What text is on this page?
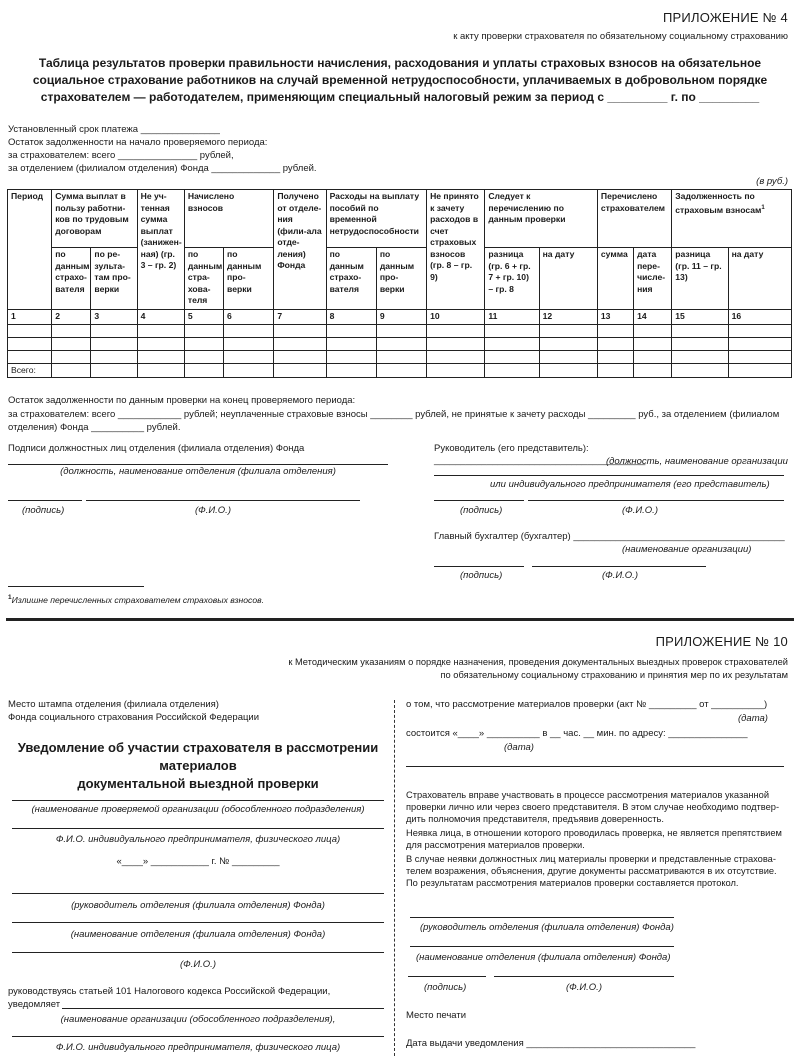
ПРИЛОЖЕНИЕ № 4
к акту проверки страхователя по обязательному социальному страхованию
Таблица результатов проверки правильности начисления, расходования и уплаты страховых взносов на обязательное
социальное страхование работников на случай временной нетрудоспособности, уплачиваемых в добровольном порядке
страхователем — работодателем, применяющим специальный налоговый режим за период с _________ г. по _________
Установленный срок платежа _______________
Остаток задолженности на начало проверяемого периода:
за страхователем: всего _______________ рублей,
за отделением (филиалом отделения) Фонда _____________ рублей.
(в руб.)
Период	Сумма выплат в пользу работни-ков по трудовым договорам		Не уч-тенная сумма выплат (занижен-ная) (гр. 3 – гр. 2)	Начислено взносов		Получено от отделе-ния (фили-ала отде-ления) Фонда	Расходы на выплату пособий по временной нетрудоспособности		Не принято к зачету расходов в счет страховых взносов (гр. 8 – гр. 9)	Следует к перечислению по данным проверки		Перечислено страхователем		Задолженность по страховым взносам$^1$
	по данным страхо-вателя	по ре-зульта-там про-верки		по данным стра-хова-теля	по данным про-верки		по данным страхо-вателя	по данным про-верки		разница (гр. 6 + гр. 7 + гр. 10) – гр. 8	на дату	сумма	дата пере-числе-ния	разница (гр. 11 – гр. 13)	на дату
1	2	3	4	5	6	7	8	9	10	11	12	13	14	15	16

Всего:															
Остаток задолженности по данным проверки на конец проверяемого периода:
за страхователем: всего ____________ рублей; неуплаченные страховые взносы ________ рублей, не принятые к зачету расходы _________ руб., за отделением (филиалом
отделения) Фонда __________ рублей.
Подписи должностных лиц отделения (филиала отделения) Фонда
(должность, наименование отделения (филиала отделения)
(подпись)	(Ф.И.О.)
Руководитель (его представитель): ________________________________________
(должность, наименование организации
или индивидуального предпринимателя (его представитель)
(подпись)	(Ф.И.О.)
Главный бухгалтер (бухгалтер) ________________________________________
(наименование организации)
(подпись)	(Ф.И.О.)
$^1$Излишне перечисленных страхователем страховых взносов.
ПРИЛОЖЕНИЕ № 10
к Методическим указаниям о порядке назначения, проведения документальных выездных проверок страхователей
по обязательному социальному страхованию и принятия мер по их результатам
Место штампа отделения (филиала отделения)
Фонда социального страхования Российской Федерации
Уведомление об участии страхователя в рассмотрении материалов
документальной выездной проверки
(наименование проверяемой организации (обособленного подразделения)
Ф.И.О. индивидуального предпринимателя, физического лица)
«____» ___________ г. № _________
(руководитель отделения (филиала отделения) Фонда)
(наименование отделения (филиала отделения) Фонда)
(Ф.И.О.)
руководствуясь статьей 101 Налогового кодекса Российской Федерации,
уведомляет
(наименование организации (обособленного подразделения),
Ф.И.О. индивидуального предпринимателя, физического лица)
о том, что рассмотрение материалов проверки (акт № _________ от __________)
(дата)
состоится «____» __________ в __ час. __ мин. по адресу: _______________
(дата)
Страхователь вправе участвовать в процессе рассмотрения материалов указанной проверки лично или через своего представителя. В этом случае необходимо подтвер-дить полномочия представителя, предъявив доверенность.
Неявка лица, в отношении которого проводилась проверка, не является препятствием для рассмотрения материалов проверки.
В случае неявки должностных лиц материалы проверки и представленные страхова-телем возражения, объяснения, другие документы рассматриваются в их отсутствие. По результатам рассмотрения материалов проверки составляется протокол.
(руководитель отделения (филиала отделения) Фонда)
(наименование отделения (филиала отделения) Фонда)
(подпись)	(Ф.И.О.)
Место печати
Дата выдачи уведомления ________________________________
